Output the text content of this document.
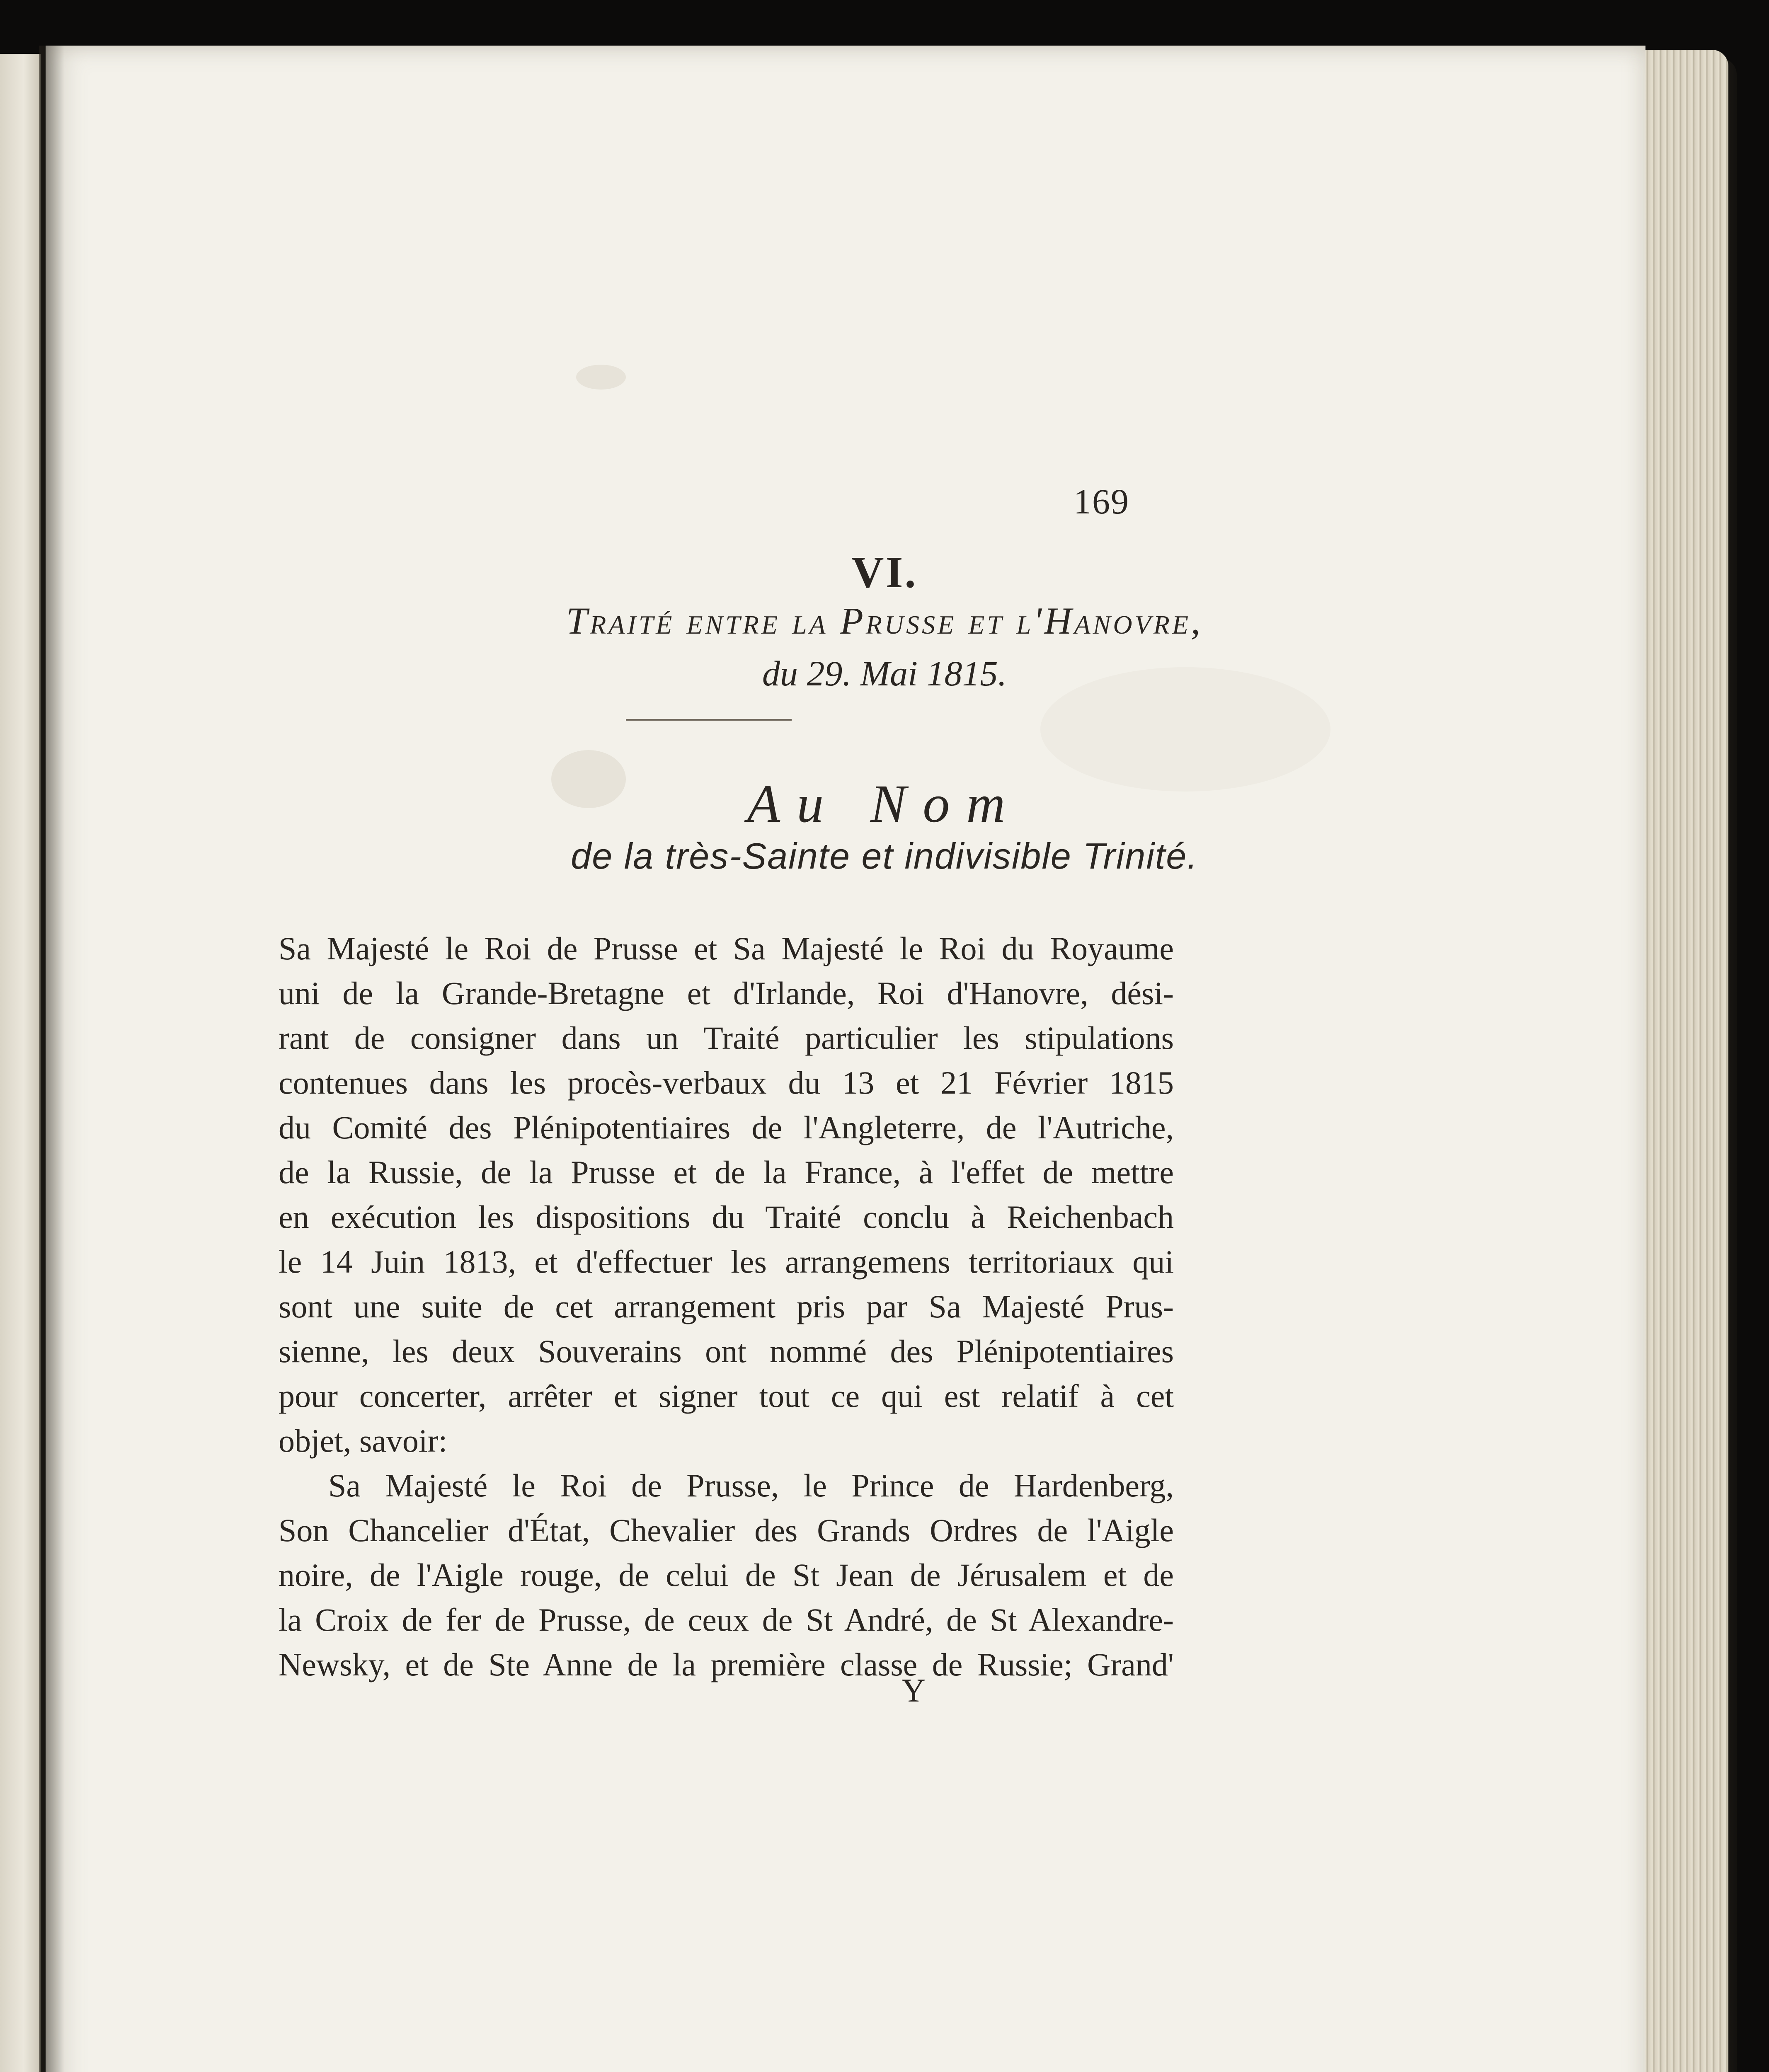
169
VI.
Traité entre la Prusse et l'Hanovre,
du 29. Mai 1815.
Au Nom
de la très-Sainte et indivisible Trinité.
Sa Majesté le Roi de Prusse et Sa Majesté le Roi du Royaume
uni de la Grande-Bretagne et d'Irlande, Roi d'Hanovre, dési-
rant de consigner dans un Traité particulier les stipulations
contenues dans les procès-verbaux du 13 et 21 Février 1815
du Comité des Plénipotentiaires de l'Angleterre, de l'Autriche,
de la Russie, de la Prusse et de la France, à l'effet de mettre
en exécution les dispositions du Traité conclu à Reichenbach
le 14 Juin 1813, et d'effectuer les arrangemens territoriaux qui
sont une suite de cet arrangement pris par Sa Majesté Prus-
sienne, les deux Souverains ont nommé des Plénipotentiaires
pour concerter, arrêter et signer tout ce qui est relatif à cet
objet, savoir:
Sa Majesté le Roi de Prusse, le Prince de Hardenberg,
Son Chancelier d'État, Chevalier des Grands Ordres de l'Aigle
noire, de l'Aigle rouge, de celui de St Jean de Jérusalem et de
la Croix de fer de Prusse, de ceux de St André, de St Alexandre-
Newsky, et de Ste Anne de la première classe de Russie; Grand'
Y
